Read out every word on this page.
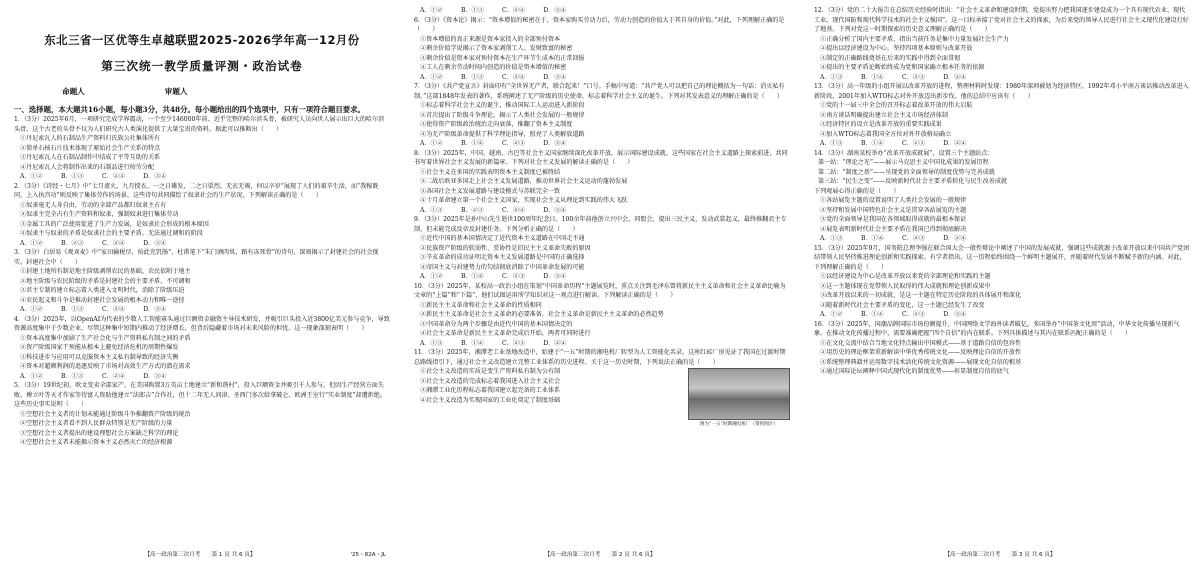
东北三省一区优等生卓越联盟2025-2026学年高一12月份
第三次统一教学质量评测・政治试卷
命题人	审题人
一、选择题，本大题共16小题，每小题3分，共48分。每小题给出的四个选项中，只有一项符合题目要求。

1．（3分）2025年6月，一项研究完成学界震动，一个至少146000年前、近乎完整的哈尔滨头骨，被研究人员向世人展示出巨大的哈尔滨头骨，这个古老的头骨不仅为人们研究古人类演化提供了大量宝贵的资料。据此可以推断出（　　）

①丹尼索瓦人的石制品生产资料归氏族公社集体所有

②简单石核石片技术体现了原始社会生产关系的特点

③丹尼索瓦人在石制品制作中结成了平等互助的关系

④丹尼索瓦人会将制作出来的石制品进行按劳分配

A．①②　　　B．①③　　　C．②④　　　D．③④

2．（3分）《诗经・七月》中“七月流火，九月授衣。一之日觱发，二之日栗烈。无衣无褐，何以卒岁”展现了人们的艰辛生活，而“我稼既同，上入执宫功”则反映了集体劳作的场景。这些诗句共同描绘了奴隶社会的生产状况。下列解读正确的是（　　）

①奴隶毫无人身自由，劳动的全部产品都归奴隶主占有

②奴隶主完全占有生产资料和奴隶，强制奴隶进行集体劳动

③金属工具的广泛使用促进了生产力发展，是奴隶社会形成的根本原因

④奴隶主与奴隶的矛盾是奴隶社会的主要矛盾，无法通过调和的阶段

A．①②　　　B．②③　　　C．②④　　　D．③④

3．（3分）白居易《观刈麦》中“家田输税尽，拾此充饥肠”，杜甫笔下“朱门酒肉臭，路有冻死骨”的诗句，深刻揭示了封建社会的社会现实。封建社会中（　　）

①封建土地所有制是地主阶级剥削农民的基础，农民依附于地主

②地主阶级与农民阶级的矛盾是封建社会的主要矛盾，不可调和

③君主专制的建立标志着人类进入文明时代，消除了阶级压迫

④农民起义和斗争是推动封建社会发展的根本动力和唯一途径

A．①②　　　B．①③　　　C．②④　　　D．③④

4．（3分）2025年，以OpenAI为代表的少数人工智能寡头通过巨额资金融资主导技术研发，并吸引巨头投入近3800亿美元参与竞争，导致资源高度集中于少数企业，尽管这种集中短期内推动了经济增长，但背后隐藏着市场对未来风险的担忧。这一现象深刻表明（　　）

①资本高度集中加剧了生产社会化与生产资料私有制之间的矛盾

②资产阶级国家干预能从根本上避免经济危机的周期性爆发

③科技进步与应用可以克服资本主义私有制导致的经济失衡

④资本对超额利润的追逐反映了市场对高效生产方式的潜在需求

A．①②　　　B．①③　　　C．②④　　　D．③④

5．（3分）19世纪初，欧文变卖全部家产，在美国购置3万英亩土地建立“新和谐村”，投入巨额资金并吸引千人参与，但因生产经营方面失败。傅立叶等天才作家等待富人资助他建立“法郎吉”合作社，但十二年无人问津。圣西门多次给拿破仑、欧洲王室行“实业制度”却遭拒绝。这些历史事实说明（　　）

①空想社会主义者的计划未能通过阶级斗争推翻资产阶级的统治

②空想社会主义者看不到人民群众特别是无产阶级的力量

③空想社会主义者提出的建设理想社会方案缺乏科学的理论

④空想社会主义者未能揭示资本主义必然灭亡的经济根源

【高一政治第三次月考　　第 1 页 共 6 页】	'25・82A・JL

A．①②　　　B．①③　　　C．②④　　　D．③④

6．（3分）《资本论》揭示：“资本增值的秘密在于，资本家购买劳动力后，劳动力创造的价值大于其自身的价值。”对此，下列理解正确的是（　　）

①资本增值的真正来源是资本家投入的全部预付资本

②剩余价值学说揭示了资本家剥削工人、发财致富的秘密

③剩余价值是资本家对预付资本在生产环节生成本的正常回报

④工人在剩余劳动时间内创造的价值是资本增值的秘密

A．①②　　　B．①③　　　C．②④　　　D．③④

7．（3分）《共产党宣言》封面印有“全世界无产者，联合起来！”口号。手稿中写道：“共产党人可以把自己的理论概括为一句话：消灭私有制。”这部1848年发表的著作，系统阐述了无产阶级的历史使命，标志着科学社会主义的诞生。下列对其发表意义的理解正确的是（　　）

①标志着科学社会主义的诞生，推动国际工人运动进入新阶段

②首次提出了阶级斗争理论，揭示了人类社会发展的一般规律

③使得资产阶级政治统治走向衰落，推翻了资本主义制度

④为无产阶级革命提供了科学理论指导，照亮了人类解放道路

A．①②　　　B．①④　　　C．②③　　　D．③④

8．（3分）2025年，中国、越南、古巴等社会主义国家继续深化改革开放，展示国际建设成就。这些国家在社会主义道路上探索前进，共同书写着世界社会主义发展的新篇章。下列对社会主义发展的解读正确的是（　　）

①社会主义在多国的实践表明资本主义制度已被终结

②二战后欧亚多国走上社会主义发展道路，推动世界社会主义运动的蓬勃发展

③各国社会主义发展道路与建设模式与苏联完全一致

④十月革命建立第一个社会主义国家，实现社会主义从理论到实践的伟大飞跃

A．①③　　　B．②③　　　C．②④　　　D．③④

9．（3分）2025年是孙中山先生逝世100周年纪念日。100余年前他创立兴中会、同盟会，提出三民主义，发动武装起义，最终推翻君主专制，但未能完成反帝反封建任务。下列分析正确的是（　　）

①近代中国的基本国情决定了近代资本主义道路在中国走不通

②民族资产阶级的软弱性、妥协性是旧民主主义革命失败的原因

③辛亥革命的成功证明走资本主义发展道路是中国的正确选择

④帝国主义与封建势力的勾结彻底消除了中国革命发展的可能

A．①②　　　B．①④　　　C．②③　　　D．③④

10．（3分）2025年，某校高一政治小组在策划“中国革命历程”主题展览时，重点关注到毛泽东曾将新民主主义革命和社会主义革命比喻为文章的“上篇”和“下篇”，他们试图运用所学知识对这一观点进行解读。下列解读正确的是（　　）

①新民主主义革命和社会主义革命的性质相同

②新民主主义革命是社会主义革命的必要准备，社会主义革命是新民主主义革命的必然趋势

③中国革命分为两个步骤是由近代中国的基本国情决定的

④社会主义革命是新民主主义革命完成后开始，两者可同时进行

A．①③　　　B．①④　　　C．②③　　　D．②④

11．（3分）2025年，湘潭老工业基地改造中，始建于“一五”时期的湘电机厂转型为人工智能化名录。这座红砖厂房见证了我国在过渡时期总路线指引下，通过社会主义改造建立完整工业体系的历史进程。关于这一历史时期，下列说法正确的是（　　）

图为“一五”时期湘电机厂（资料图片）

①社会主义改造的实质是变生产资料私有制为公有制

②社会主义改造的完成标志着我国进入社会主义社会

③湘潭工业化历程标志着我国建立起完备的工业体系

④社会主义改造为实现国家的工业化奠定了制度基础

【高一政治第三次月考　　第 2 页 共 6 页】

12．（3分）党的二十大报告在总结历史经验时指出：“社会主义革命和建设时期，党提出努力把我国逐步建设成为一个具有现代农业、现代工业、现代国防和现代科学技术的社会主义强国”。这一目标承接了党对社会主义的探索，为后来党的领导人民进行社会主义现代化建设打好了地基。下列对党这一时期探索的历史意义理解正确的是（　　）

①正确分析了国内主要矛盾，指出当前任务是集中力量发展社会生产力

②提出以经济建设为中心，坚持四项基本原则与改革开放

③制定的正确路线奠基在后来的实践中得到全面贯彻

④提出的主要矛盾论断始终成为党和国家确立根本任务的依据

A．①③　　　B．①④　　　C．②③　　　D．②④

13．（3分）高一年级的小组开展以改革开放的进程，整理材料时发现：1980年深圳被划为经济特区，1992年邓小平南方谈话推动改革进入新阶段，2001年加入WTO标志对外开放迈出新步伐。他的总结中应该有（　　）

①党的十一届三中全会的召开标志着改革开放的伟大启航

②南方谈话明确提出建立社会主义市场经济体制

③经济特区的设立是改革开放的重要实践成果

④加入WTO标志着我国全方位对外开放格局确立

A．①③　　　B．①④　　　C．②③　　　D．②④

14．（3分）湖南某校举办“改革开放成就展”，设置三个主题站点：

第一站：“理论之光”——展示马克思主义中国化成果的发展历程

第二站：“制度之基”——呈现党的全面领导的制度优势与完善成就

第三站：“民生之变”——反映新时代社会主要矛盾转化与民生改善成就

下列观展心得正确的是（　　）

①各站展览主题的设置说明了人类社会发展的一般规律

②坚持和发展中国特色社会主义是贯穿各站展览的主题

③党的全面领导是我国在各领域取得成就的最根本保证

④展览表明新时代社会主要矛盾在我国已得到彻底解决

A．①③　　　B．①④　　　C．②③　　　D．②④

15．（3分）2025年9月，国务院总理李强在联合国大会一般性辩论中阐述了中国的发展成就，强调这些成就源于改革开放以来中国共产党团结带领人民坚持推进理论创新和实践探索。有学者指出，这一历程始终围绕一个鲜明主题展开，并随着时代发展不断赋予新的内涵。对此，下列理解正确的是（　　）

①以经济建设为中心是改革开放以来党的全部理论和实践的主题

②这一主题体现在党带领人民取得的伟大成就和理论创新成果中

③改革开放以来的一切成就，是这一主题在特定历史阶段的具体展开和深化

④随着新时代社会主要矛盾的变化，这一主题已经发生了改变

A．①②　　　B．①④　　　C．②③　　　D．③④

16．（3分）2025年，国潮品牌国际市场份额提升，中国网络文学海外读者破亿，多国举办“中国茶文化周”活动，中华文化传播呈现新气象。在推动文化传播过程中，需要准确把握“四个自信”的内在联系。下列具体描述与其内在联系匹配正确的是（　　）

①在文化交流中结合当地文化特点输出中国模式——基于道路自信的包容性

②用历史的理论框架重新解读中华优秀传统文化——反映理论自信的开放性

③系统整理典籍并运用数字技术活化传统文化资源——展现文化自信的根基

④通过国际论坛阐释中国式现代化的制度优势——彰显制度自信的底气

【高一政治第三次月考　　第 3 页 共 6 页】
